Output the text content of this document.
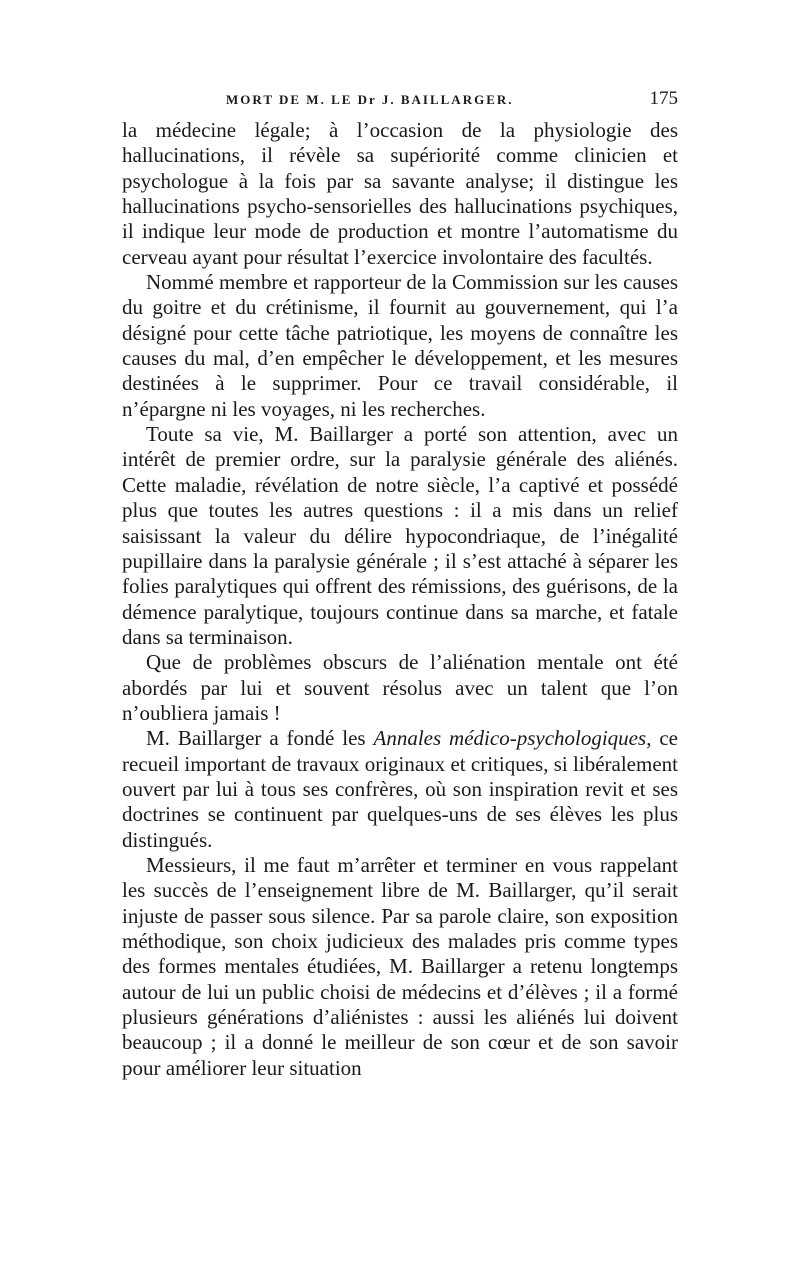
MORT DE M. LE Dr J. BAILLARGER.	175

la médecine légale; à l’occasion de la physiologie des hallucinations, il révèle sa supériorité comme clinicien et psychologue à la fois par sa savante analyse; il distingue les hallucinations psycho-sensorielles des hallucinations psychiques, il indique leur mode de production et montre l’automatisme du cerveau ayant pour résultat l’exercice involontaire des facultés.

Nommé membre et rapporteur de la Commission sur les causes du goitre et du crétinisme, il fournit au gouvernement, qui l’a désigné pour cette tâche patriotique, les moyens de connaître les causes du mal, d’en empêcher le développement, et les mesures destinées à le supprimer. Pour ce travail considérable, il n’épargne ni les voyages, ni les recherches.

Toute sa vie, M. Baillarger a porté son attention, avec un intérêt de premier ordre, sur la paralysie générale des aliénés. Cette maladie, révélation de notre siècle, l’a captivé et possédé plus que toutes les autres questions : il a mis dans un relief saisissant la valeur du délire hypocondriaque, de l’inégalité pupillaire dans la paralysie générale ; il s’est attaché à séparer les folies paralytiques qui offrent des rémissions, des guérisons, de la démence paralytique, toujours continue dans sa marche, et fatale dans sa terminaison.

Que de problèmes obscurs de l’aliénation mentale ont été abordés par lui et souvent résolus avec un talent que l’on n’oubliera jamais !

M. Baillarger a fondé les Annales médico-psychologiques, ce recueil important de travaux originaux et critiques, si libéralement ouvert par lui à tous ses confrères, où son inspiration revit et ses doctrines se continuent par quelques-uns de ses élèves les plus distingués.

Messieurs, il me faut m’arrêter et terminer en vous rappelant les succès de l’enseignement libre de M. Baillarger, qu’il serait injuste de passer sous silence. Par sa parole claire, son exposition méthodique, son choix judicieux des malades pris comme types des formes mentales étudiées, M. Baillarger a retenu longtemps autour de lui un public choisi de médecins et d’élèves ; il a formé plusieurs générations d’aliénistes : aussi les aliénés lui doivent beaucoup ; il a donné le meilleur de son cœur et de son savoir pour améliorer leur situation
